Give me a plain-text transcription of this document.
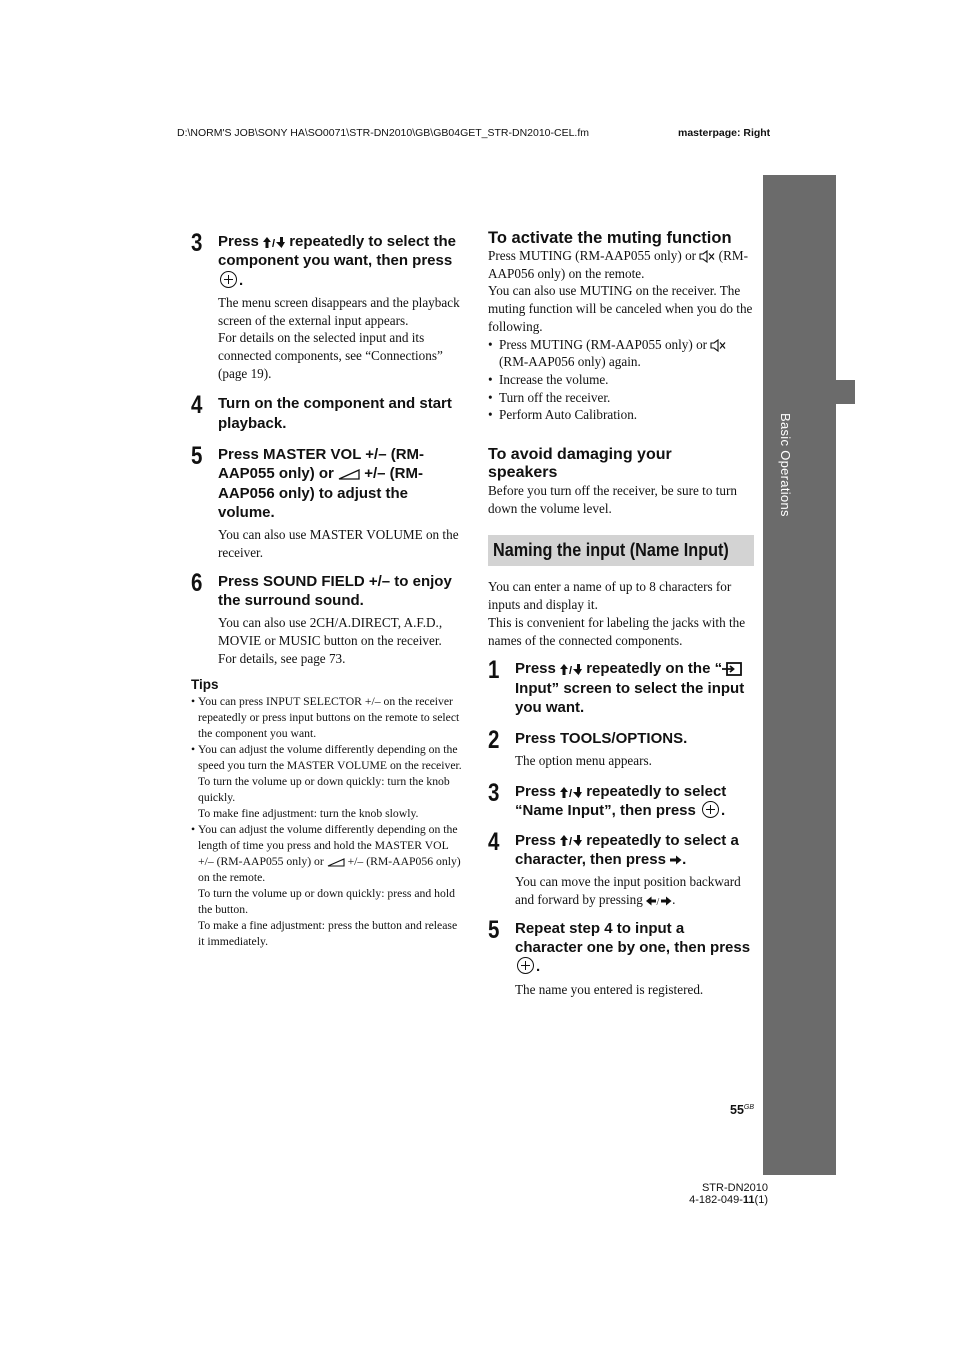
D:\NORM'S JOB\SONY HA\SO0071\STR-DN2010\GB\GB04GET_STR-DN2010-CEL.fm	masterpage: Right
Basic Operations
3 Press / repeatedly to select the component you want, then press .
The menu screen disappears and the playback screen of the external input appears.
For details on the selected input and its connected components, see “Connections” (page 19).
4 Turn on the component and start playback.
5 Press MASTER VOL +/– (RM-AAP055 only) or  +/– (RM-AAP056 only) to adjust the volume.
You can also use MASTER VOLUME on the receiver.
6 Press SOUND FIELD +/– to enjoy the surround sound.
You can also use 2CH/A.DIRECT, A.F.D., MOVIE or MUSIC button on the receiver.
For details, see page 73.
Tips
• You can press INPUT SELECTOR +/– on the receiver repeatedly or press input buttons on the remote to select the component you want.
• You can adjust the volume differently depending on the speed you turn the MASTER VOLUME on the receiver.
To turn the volume up or down quickly: turn the knob quickly.
To make fine adjustment: turn the knob slowly.
• You can adjust the volume differently depending on the length of time you press and hold the MASTER VOL +/– (RM-AAP055 only) or  +/– (RM-AAP056 only) on the remote.
To turn the volume up or down quickly: press and hold the button.
To make a fine adjustment: press the button and release it immediately.
To activate the muting function
Press MUTING (RM-AAP055 only) or  (RM-AAP056 only) on the remote.
You can also use MUTING on the receiver. The muting function will be canceled when you do the following.
• Press MUTING (RM-AAP055 only) or  (RM-AAP056 only) again.
• Increase the volume.
• Turn off the receiver.
• Perform Auto Calibration.
To avoid damaging your speakers
Before you turn off the receiver, be sure to turn down the volume level.
Naming the input (Name Input)
You can enter a name of up to 8 characters for inputs and display it.
This is convenient for labeling the jacks with the names of the connected components.
1 Press / repeatedly on the “ Input” screen to select the input you want.
2 Press TOOLS/OPTIONS.
The option menu appears.
3 Press / repeatedly to select “Name Input”, then press .
4 Press / repeatedly to select a character, then press .
You can move the input position backward and forward by pressing / .
5 Repeat step 4 to input a character one by one, then press .
The name you entered is registered.
$55^{GB}$
STR-DN2010
4-182-049-11(1)
